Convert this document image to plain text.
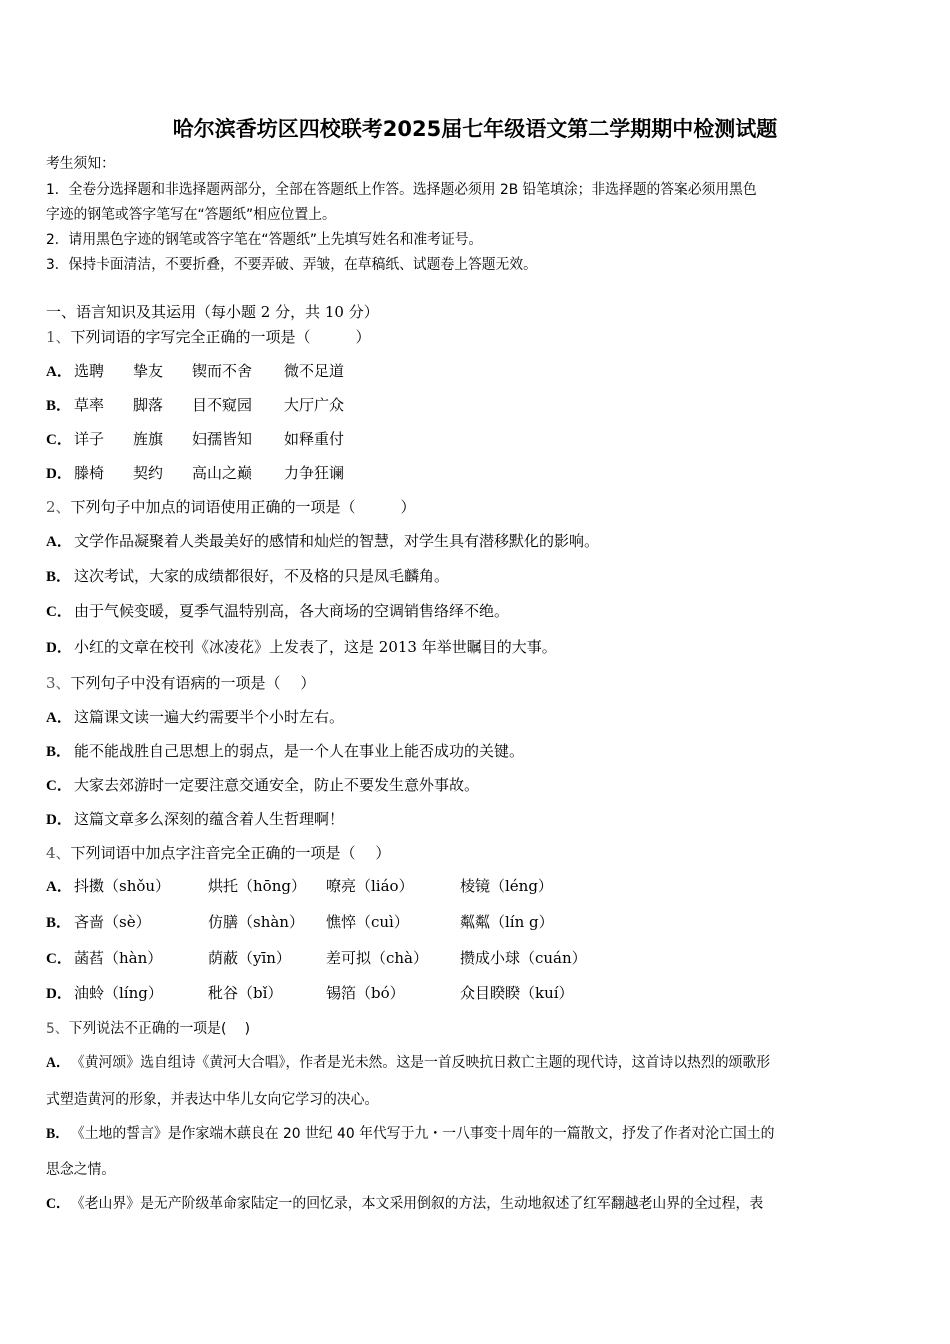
哈尔滨香坊区四校联考2025届七年级语文第二学期期中检测试题
考生须知：
1．全卷分选择题和非选择题两部分，全部在答题纸上作答。选择题必须用 2B 铅笔填涂；非选择题的答案必须用黑色
字迹的钢笔或答字笔写在“答题纸”相应位置上。
2．请用黑色字迹的钢笔或答字笔在“答题纸”上先填写姓名和准考证号。
3．保持卡面清洁，不要折叠，不要弄破、弄皱，在草稿纸、试题卷上答题无效。
一、语言知识及其运用（每小题 2 分，共 10 分）
1、下列词语的字写完全正确的一项是（　　　）
A． 选聘 挚友 锲而不舍 微不足道
B． 草率 脚落 目不窥园 大厅广众
C． 详子 旌旗 妇孺皆知 如释重付
D． 滕椅 契约 高山之巅 力争狂谰
2、下列句子中加点的词语使用正确的一项是（　　　）
A． 文学作品凝聚着人类最美好的感情和灿烂的智慧，对学生具有潜移默化的影响。
B． 这次考试，大家的成绩都很好，不及格的只是凤毛麟角。
C． 由于气候变暖，夏季气温特别高，各大商场的空调销售络绎不绝。
D． 小红的文章在校刊《冰凌花》上发表了，这是 2013 年举世瞩目的大事。
3、下列句子中没有语病的一项是（　 ）
A． 这篇课文读一遍大约需要半个小时左右。
B． 能不能战胜自己思想上的弱点，是一个人在事业上能否成功的关键。
C． 大家去郊游时一定要注意交通安全，防止不要发生意外事故。
D． 这篇文章多么深刻的蕴含着人生哲理啊！
4、下列词语中加点字注音完全正确的一项是（　 ）
A． 抖擞（shǒu）	烘托（hōng） 嘹亮（liáo）	棱镜（léng）
B． 吝啬（sè）	仿膳（shàn） 憔悴（cuì）	粼粼（lín g）
C． 菡萏（hàn）	荫蔽（yīn） 差可拟（chà） 攒成小球（cuán）
D． 油蛉（líng）	秕谷（bǐ）	锡箔（bó）	众目睽睽（kuí）
5、下列说法不正确的一项是(　 )
A．《黄河颂》选自组诗《黄河大合唱》，作者是光未然。这是一首反映抗日救亡主题的现代诗，这首诗以热烈的颂歌形
式塑造黄河的形象，并表达中华儿女向它学习的决心。
B． 《土地的誓言》是作家端木蕻良在 20 世纪 40 年代写于九・一八事变十周年的一篇散文，抒发了作者对沦亡国土的
思念之情。
C．《老山界》是无产阶级革命家陆定一的回忆录，本文采用倒叙的方法，生动地叙述了红军翻越老山界的全过程，表
